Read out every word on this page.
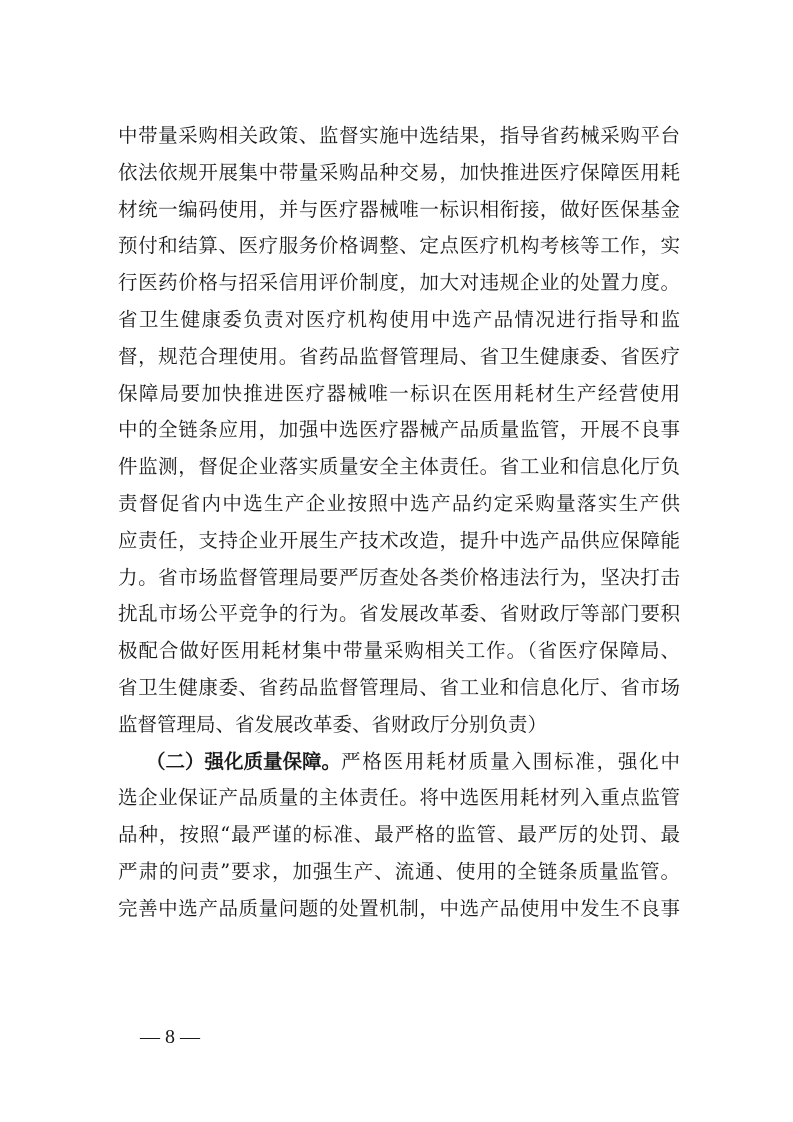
中带量采购相关政策、监督实施中选结果，指导省药械采购平台
依法依规开展集中带量采购品种交易，加快推进医疗保障医用耗
材统一编码使用，并与医疗器械唯一标识相衔接，做好医保基金
预付和结算、医疗服务价格调整、定点医疗机构考核等工作，实
行医药价格与招采信用评价制度，加大对违规企业的处置力度。
省卫生健康委负责对医疗机构使用中选产品情况进行指导和监
督，规范合理使用。省药品监督管理局、省卫生健康委、省医疗
保障局要加快推进医疗器械唯一标识在医用耗材生产经营使用
中的全链条应用，加强中选医疗器械产品质量监管，开展不良事
件监测，督促企业落实质量安全主体责任。省工业和信息化厅负
责督促省内中选生产企业按照中选产品约定采购量落实生产供
应责任，支持企业开展生产技术改造，提升中选产品供应保障能
力。省市场监督管理局要严厉查处各类价格违法行为，坚决打击
扰乱市场公平竞争的行为。省发展改革委、省财政厅等部门要积
极配合做好医用耗材集中带量采购相关工作。（省医疗保障局、
省卫生健康委、省药品监督管理局、省工业和信息化厅、省市场
监督管理局、省发展改革委、省财政厅分别负责）
（二）强化质量保障。 严格医用耗材质量入围标准，强化中
选企业保证产品质量的主体责任。将中选医用耗材列入重点监管
品种，按照“最严谨的标准、最严格的监管、最严厉的处罚、最
严肃的问责”要求，加强生产、流通、使用的全链条质量监管。
完善中选产品质量问题的处置机制，中选产品使用中发生不良事
— 8 —
